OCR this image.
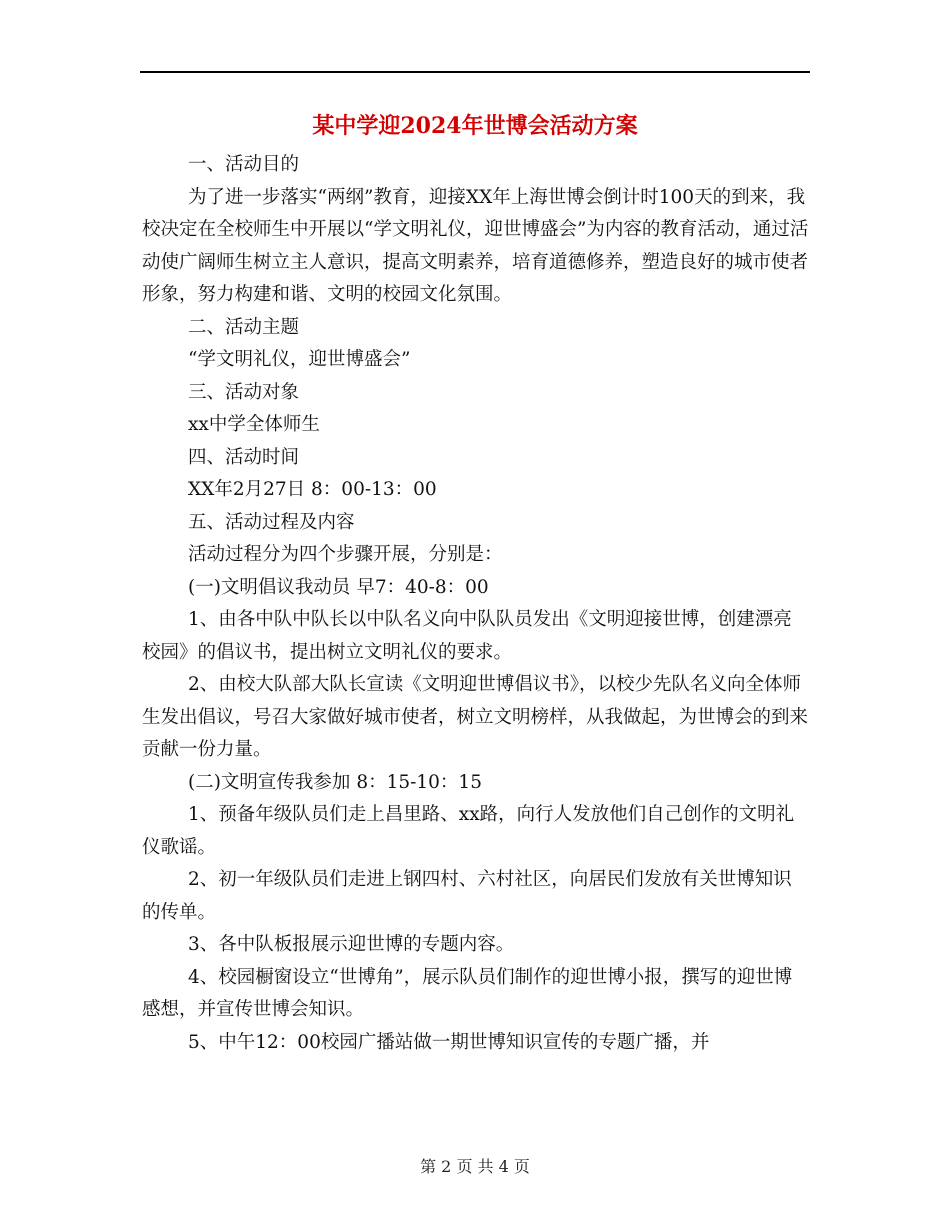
某中学迎2024年世博会活动方案

一、活动目的

为了进一步落实“两纲”教育，迎接XX年上海世博会倒计时100天的到来，我校决定在全校师生中开展以“学文明礼仪，迎世博盛会”为内容的教育活动，通过活动使广阔师生树立主人意识，提高文明素养，培育道德修养，塑造良好的城市使者形象，努力构建和谐、文明的校园文化氛围。

二、活动主题

“学文明礼仪，迎世博盛会”

三、活动对象

xx中学全体师生

四、活动时间

XX年2月27日 8：00-13：00

五、活动过程及内容

活动过程分为四个步骤开展，分别是：

(一)文明倡议我动员 早7：40-8：00

1、由各中队中队长以中队名义向中队队员发出《文明迎接世博，创建漂亮校园》的倡议书，提出树立文明礼仪的要求。

2、由校大队部大队长宣读《文明迎世博倡议书》，以校少先队名义向全体师生发出倡议，号召大家做好城市使者，树立文明榜样，从我做起，为世博会的到来贡献一份力量。

(二)文明宣传我参加 8：15-10：15

1、预备年级队员们走上昌里路、xx路，向行人发放他们自己创作的文明礼仪歌谣。

2、初一年级队员们走进上钢四村、六村社区，向居民们发放有关世博知识的传单。

3、各中队板报展示迎世博的专题内容。

4、校园橱窗设立“世博角”，展示队员们制作的迎世博小报，撰写的迎世博感想，并宣传世博会知识。

5、中午12：00校园广播站做一期世博知识宣传的专题广播，并

第 2 页 共 4 页
